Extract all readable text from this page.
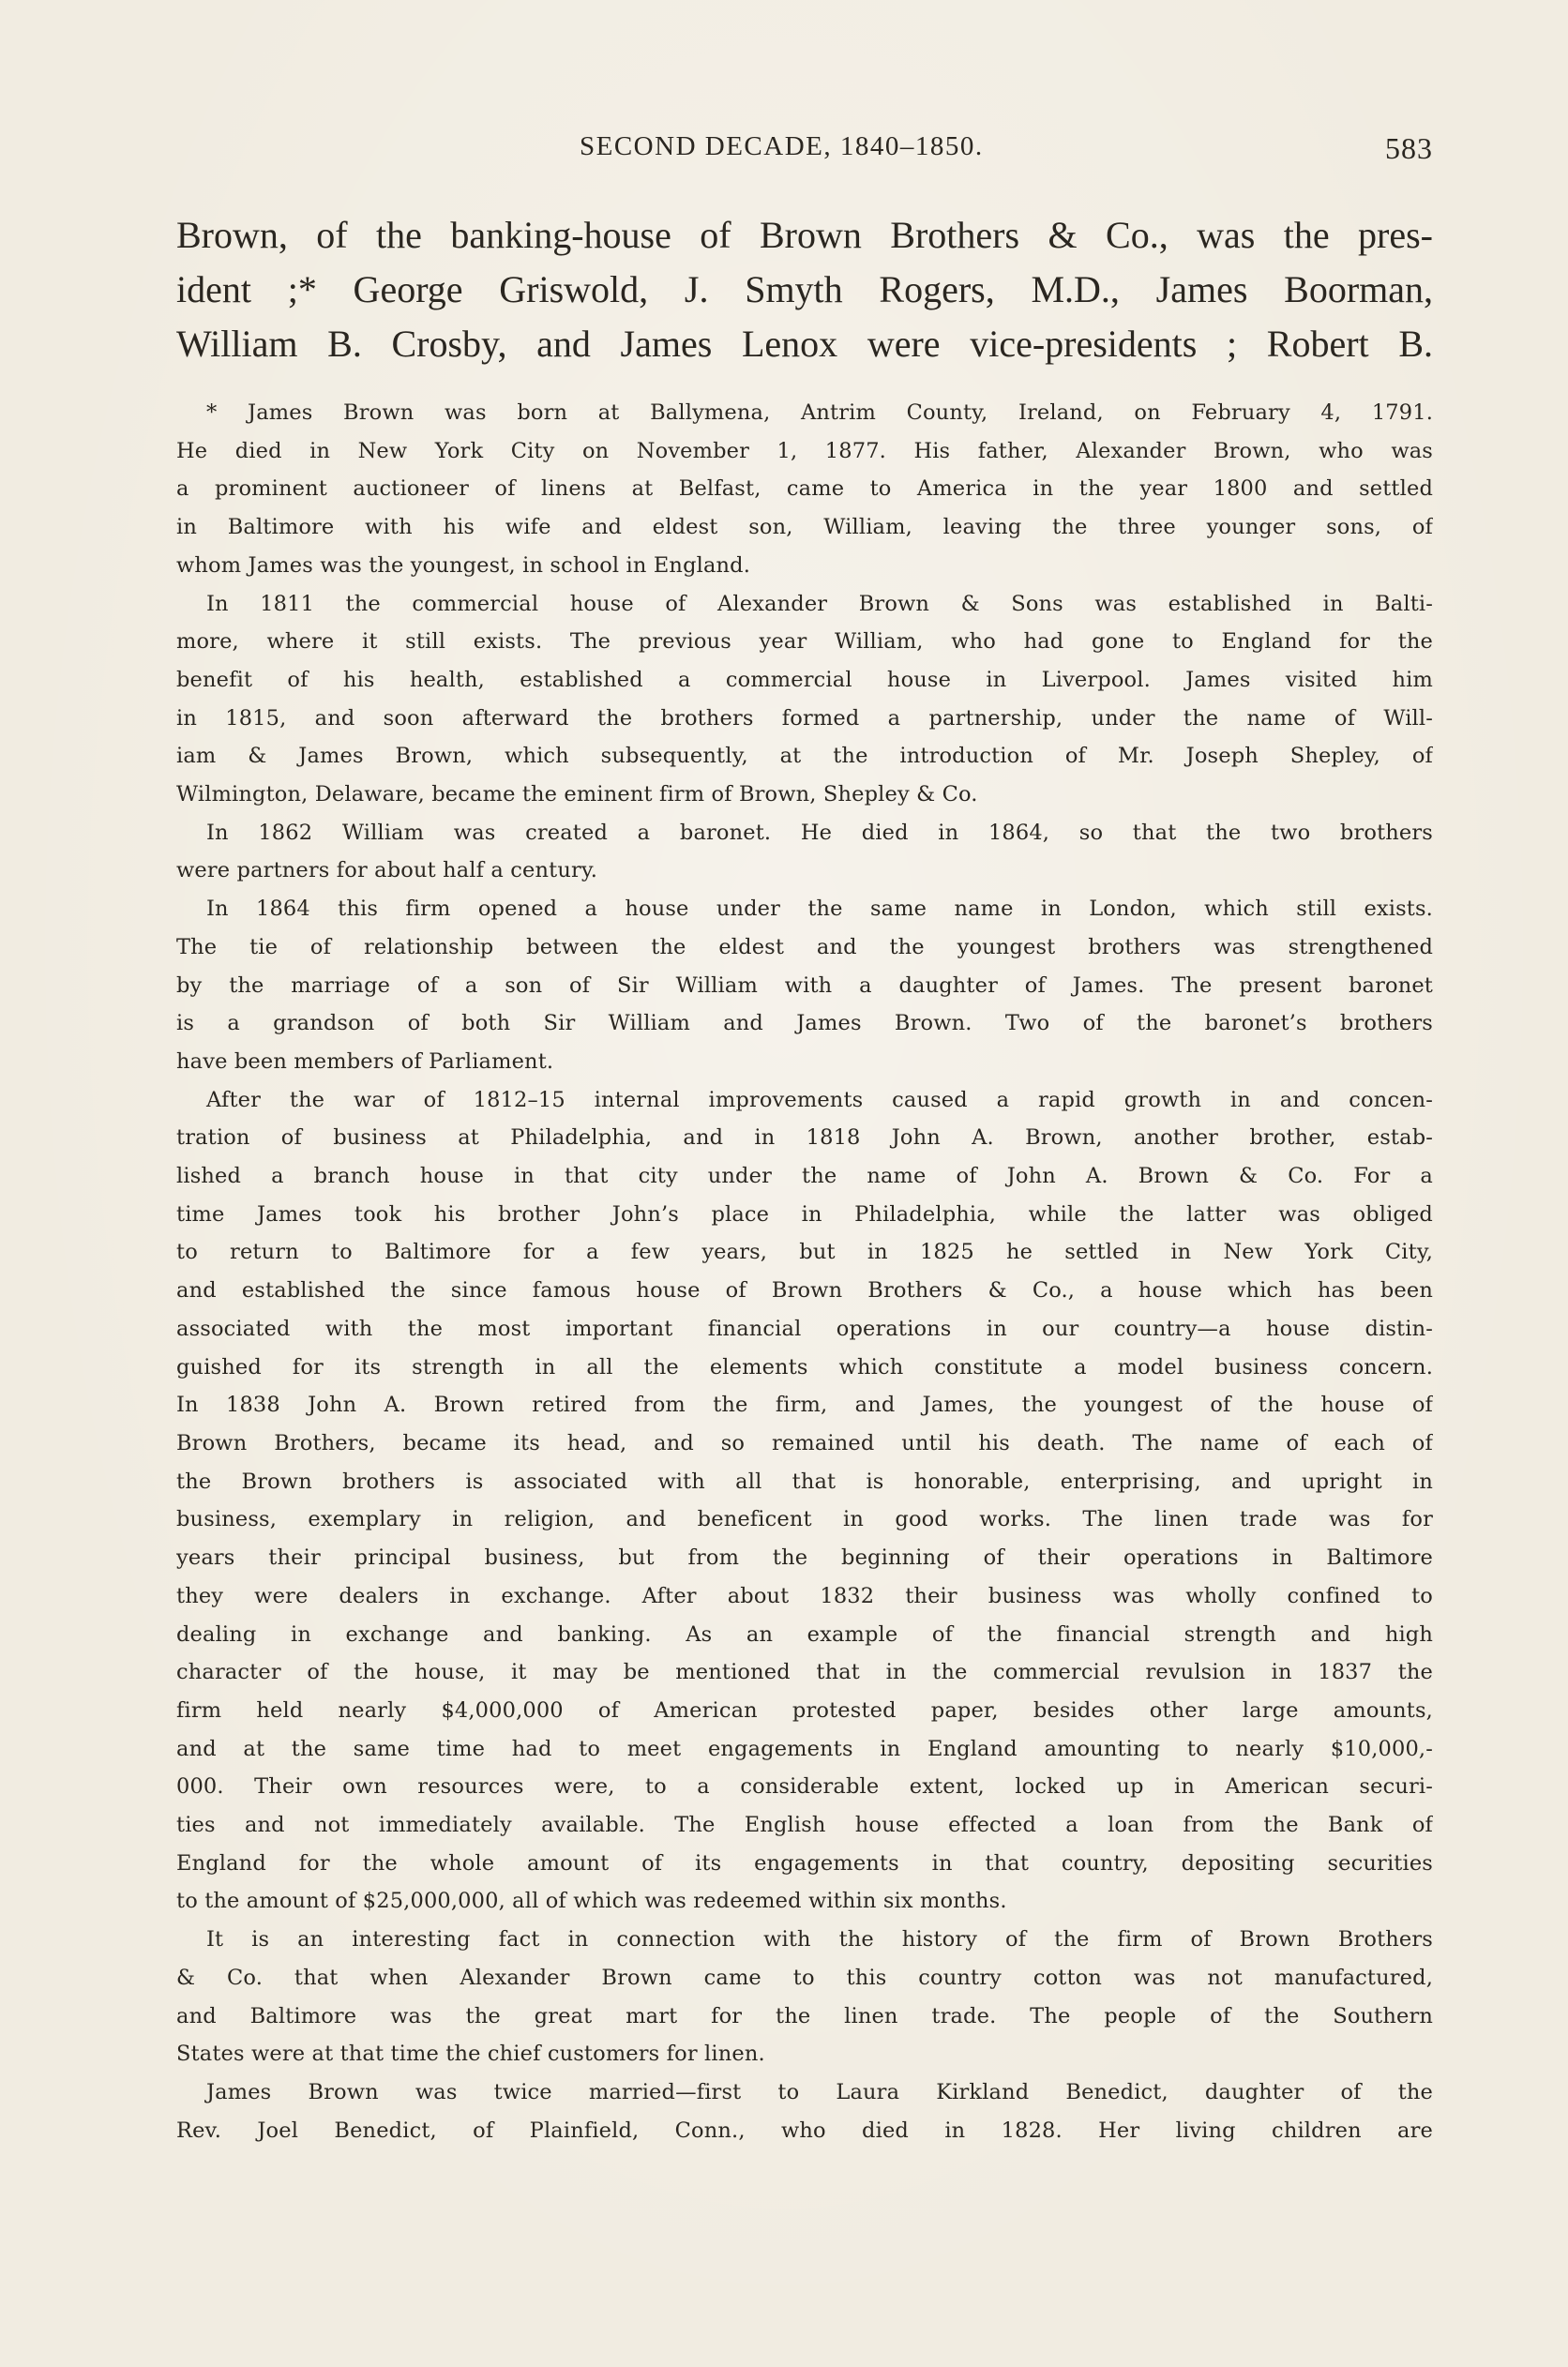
SECOND DECADE, 1840–1850.	583
Brown, of the banking-house of Brown Brothers & Co., was the pres-
ident ;* George Griswold, J. Smyth Rogers, M.D., James Boorman,
William B. Crosby, and James Lenox were vice-presidents ; Robert B.
* James Brown was born at Ballymena, Antrim County, Ireland, on February 4, 1791.
He died in New York City on November 1, 1877. His father, Alexander Brown, who was
a prominent auctioneer of linens at Belfast, came to America in the year 1800 and settled
in Baltimore with his wife and eldest son, William, leaving the three younger sons, of
whom James was the youngest, in school in England.
In 1811 the commercial house of Alexander Brown & Sons was established in Balti-
more, where it still exists. The previous year William, who had gone to England for the
benefit of his health, established a commercial house in Liverpool. James visited him
in 1815, and soon afterward the brothers formed a partnership, under the name of Will-
iam & James Brown, which subsequently, at the introduction of Mr. Joseph Shepley, of
Wilmington, Delaware, became the eminent firm of Brown, Shepley & Co.
In 1862 William was created a baronet. He died in 1864, so that the two brothers
were partners for about half a century.
In 1864 this firm opened a house under the same name in London, which still exists.
The tie of relationship between the eldest and the youngest brothers was strengthened
by the marriage of a son of Sir William with a daughter of James. The present baronet
is a grandson of both Sir William and James Brown. Two of the baronet’s brothers
have been members of Parliament.
After the war of 1812–15 internal improvements caused a rapid growth in and concen-
tration of business at Philadelphia, and in 1818 John A. Brown, another brother, estab-
lished a branch house in that city under the name of John A. Brown & Co. For a
time James took his brother John’s place in Philadelphia, while the latter was obliged
to return to Baltimore for a few years, but in 1825 he settled in New York City,
and established the since famous house of Brown Brothers & Co., a house which has been
associated with the most important financial operations in our country—a house distin-
guished for its strength in all the elements which constitute a model business concern.
In 1838 John A. Brown retired from the firm, and James, the youngest of the house of
Brown Brothers, became its head, and so remained until his death. The name of each of
the Brown brothers is associated with all that is honorable, enterprising, and upright in
business, exemplary in religion, and beneficent in good works. The linen trade was for
years their principal business, but from the beginning of their operations in Baltimore
they were dealers in exchange. After about 1832 their business was wholly confined to
dealing in exchange and banking. As an example of the financial strength and high
character of the house, it may be mentioned that in the commercial revulsion in 1837 the
firm held nearly $4,000,000 of American protested paper, besides other large amounts,
and at the same time had to meet engagements in England amounting to nearly $10,000,-
000. Their own resources were, to a considerable extent, locked up in American securi-
ties and not immediately available. The English house effected a loan from the Bank of
England for the whole amount of its engagements in that country, depositing securities
to the amount of $25,000,000, all of which was redeemed within six months.
It is an interesting fact in connection with the history of the firm of Brown Brothers
& Co. that when Alexander Brown came to this country cotton was not manufactured,
and Baltimore was the great mart for the linen trade. The people of the Southern
States were at that time the chief customers for linen.
James Brown was twice married—first to Laura Kirkland Benedict, daughter of the
Rev. Joel Benedict, of Plainfield, Conn., who died in 1828. Her living children are
